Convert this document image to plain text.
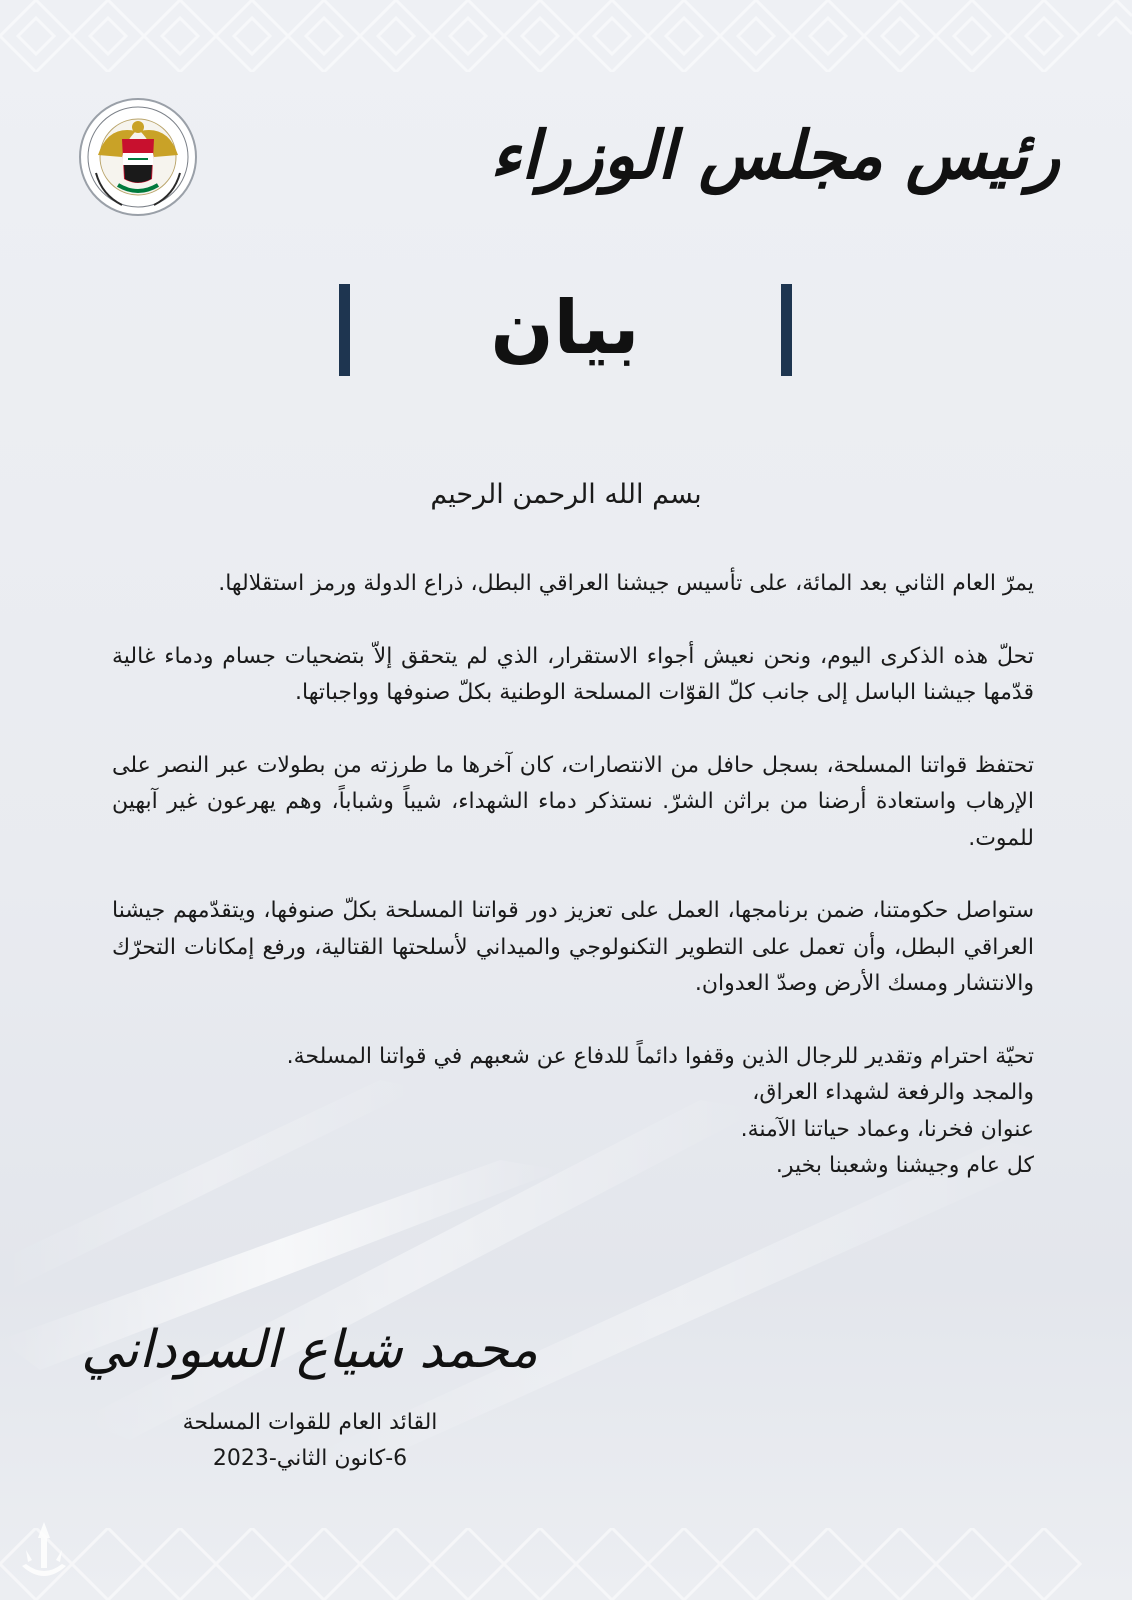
رئيس مجلس الوزراء
بيان
بسم الله الرحمن الرحيم

يمرّ العام الثاني بعد المائة، على تأسيس جيشنا العراقي البطل، ذراع الدولة ورمز استقلالها.

تحلّ هذه الذكرى اليوم، ونحن نعيش أجواء الاستقرار، الذي لم يتحقق إلاّ بتضحيات جسام ودماء غالية قدّمها جيشنا الباسل إلى جانب كلّ القوّات المسلحة الوطنية بكلّ صنوفها وواجباتها.

تحتفظ قواتنا المسلحة، بسجل حافل من الانتصارات، كان آخرها ما طرزته من بطولات عبر النصر على الإرهاب واستعادة أرضنا من براثن الشرّ. نستذكر دماء الشهداء، شيباً وشباباً، وهم يهرعون غير آبهين للموت.

ستواصل حكومتنا، ضمن برنامجها، العمل على تعزيز دور قواتنا المسلحة بكلّ صنوفها، ويتقدّمهم جيشنا العراقي البطل، وأن تعمل على التطوير التكنولوجي والميداني لأسلحتها القتالية، ورفع إمكانات التحرّك والانتشار ومسك الأرض وصدّ العدوان.

تحيّة احترام وتقدير للرجال الذين وقفوا دائماً للدفاع عن شعبهم في قواتنا المسلحة.

والمجد والرفعة لشهداء العراق،

عنوان فخرنا، وعماد حياتنا الآمنة.

كل عام وجيشنا وشعبنا بخير.

محمد شياع السوداني
القائد العام للقوات المسلحة
6-كانون الثاني-2023
